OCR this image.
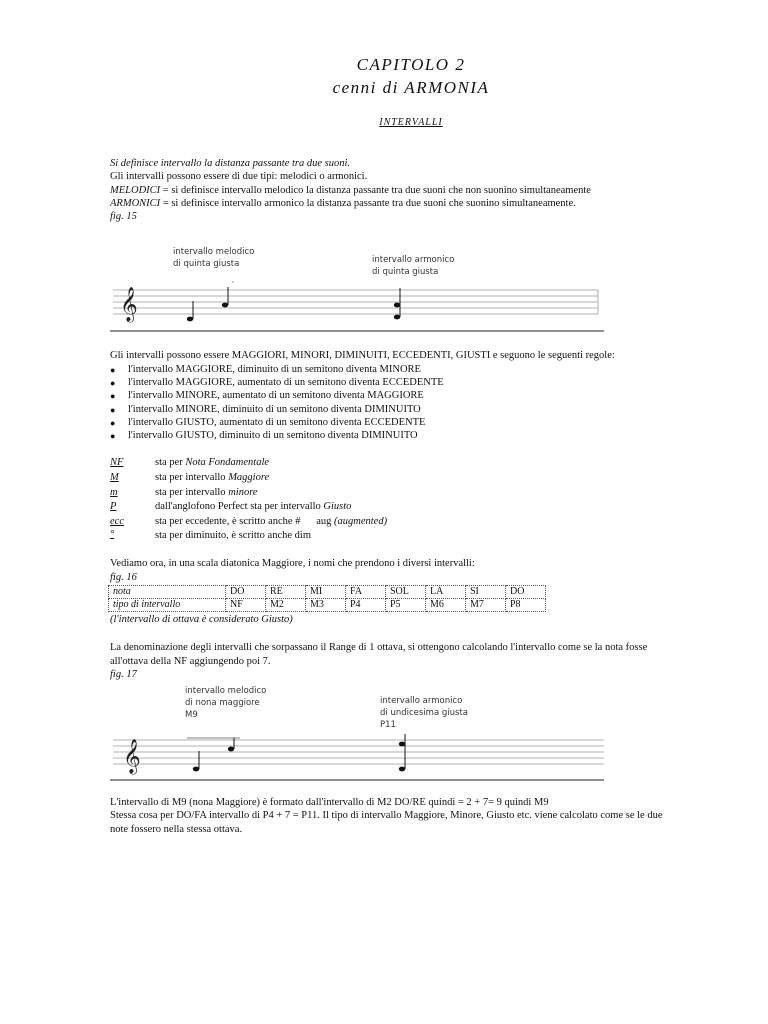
CAPITOLO 2
cenni di ARMONIA
INTERVALLI
Si definisce intervallo la distanza passante tra due suoni.
Gli intervalli possono essere di due tipi: melodici o armonici.
MELODICI = si definisce intervallo melodico la distanza passante tra due suoni che non suonino simultaneamente
ARMONICI = si definisce intervallo armonico la distanza passante tra due suoni che suonino simultaneamente.
fig. 15
intervallo melodico
di quinta giusta	intervallo armonico
di quinta giusta
𝄞
Gli intervalli possono essere MAGGIORI, MINORI, DIMINUITI, ECCEDENTI, GIUSTI e seguono le seguenti regole:
● l'intervallo MAGGIORE, diminuito di un semitono diventa MINORE
● l'intervallo MAGGIORE, aumentato di un semitono diventa ECCEDENTE
● l'intervallo MINORE, aumentato di un semitono diventa MAGGIORE
● l'intervallo MINORE, diminuito di un semitono diventa DIMINUITO
● l'intervallo GIUSTO, aumentato di un semitono diventa ECCEDENTE
● l'intervallo GIUSTO, diminuito di un semitono diventa DIMINUITO
NF	sta per Nota Fondamentale
M	sta per intervallo Maggiore
m	sta per intervallo minore
P	dall'anglofono Perfect sta per intervallo Giusto
ecc	sta per eccedente, è scritto anche #      aug (augmented)
°	sta per diminuito, è scritto anche dim
Vediamo ora, in una scala diatonica Maggiore, i nomi che prendono i diversi intervalli:
fig. 16
nota	DO	RE	MI	FA	SOL	LA	SI	DO
tipo di intervallo	NF	M2	M3	P4	P5	M6	M7	P8
(l'intervallo di ottava è considerato Giusto)
La denominazione degli intervalli che sorpassano il Range di 1 ottava, si ottengono calcolando l'intervallo come se la nota fosse
all'ottava della NF aggiungendo poi 7.
fig. 17
intervallo melodico
di nona maggiore
M9
intervallo armonico
di undicesima giusta
P11
𝄞
L'intervallo di M9 (nona Maggiore) è formato dall'intervallo di M2 DO/RE quindi = 2 + 7= 9 quindi M9
Stessa cosa per DO/FA intervallo di P4 + 7 = P11. Il tipo di intervallo Maggiore, Minore, Giusto etc. viene calcolato come se le due
note fossero nella stessa ottava.
